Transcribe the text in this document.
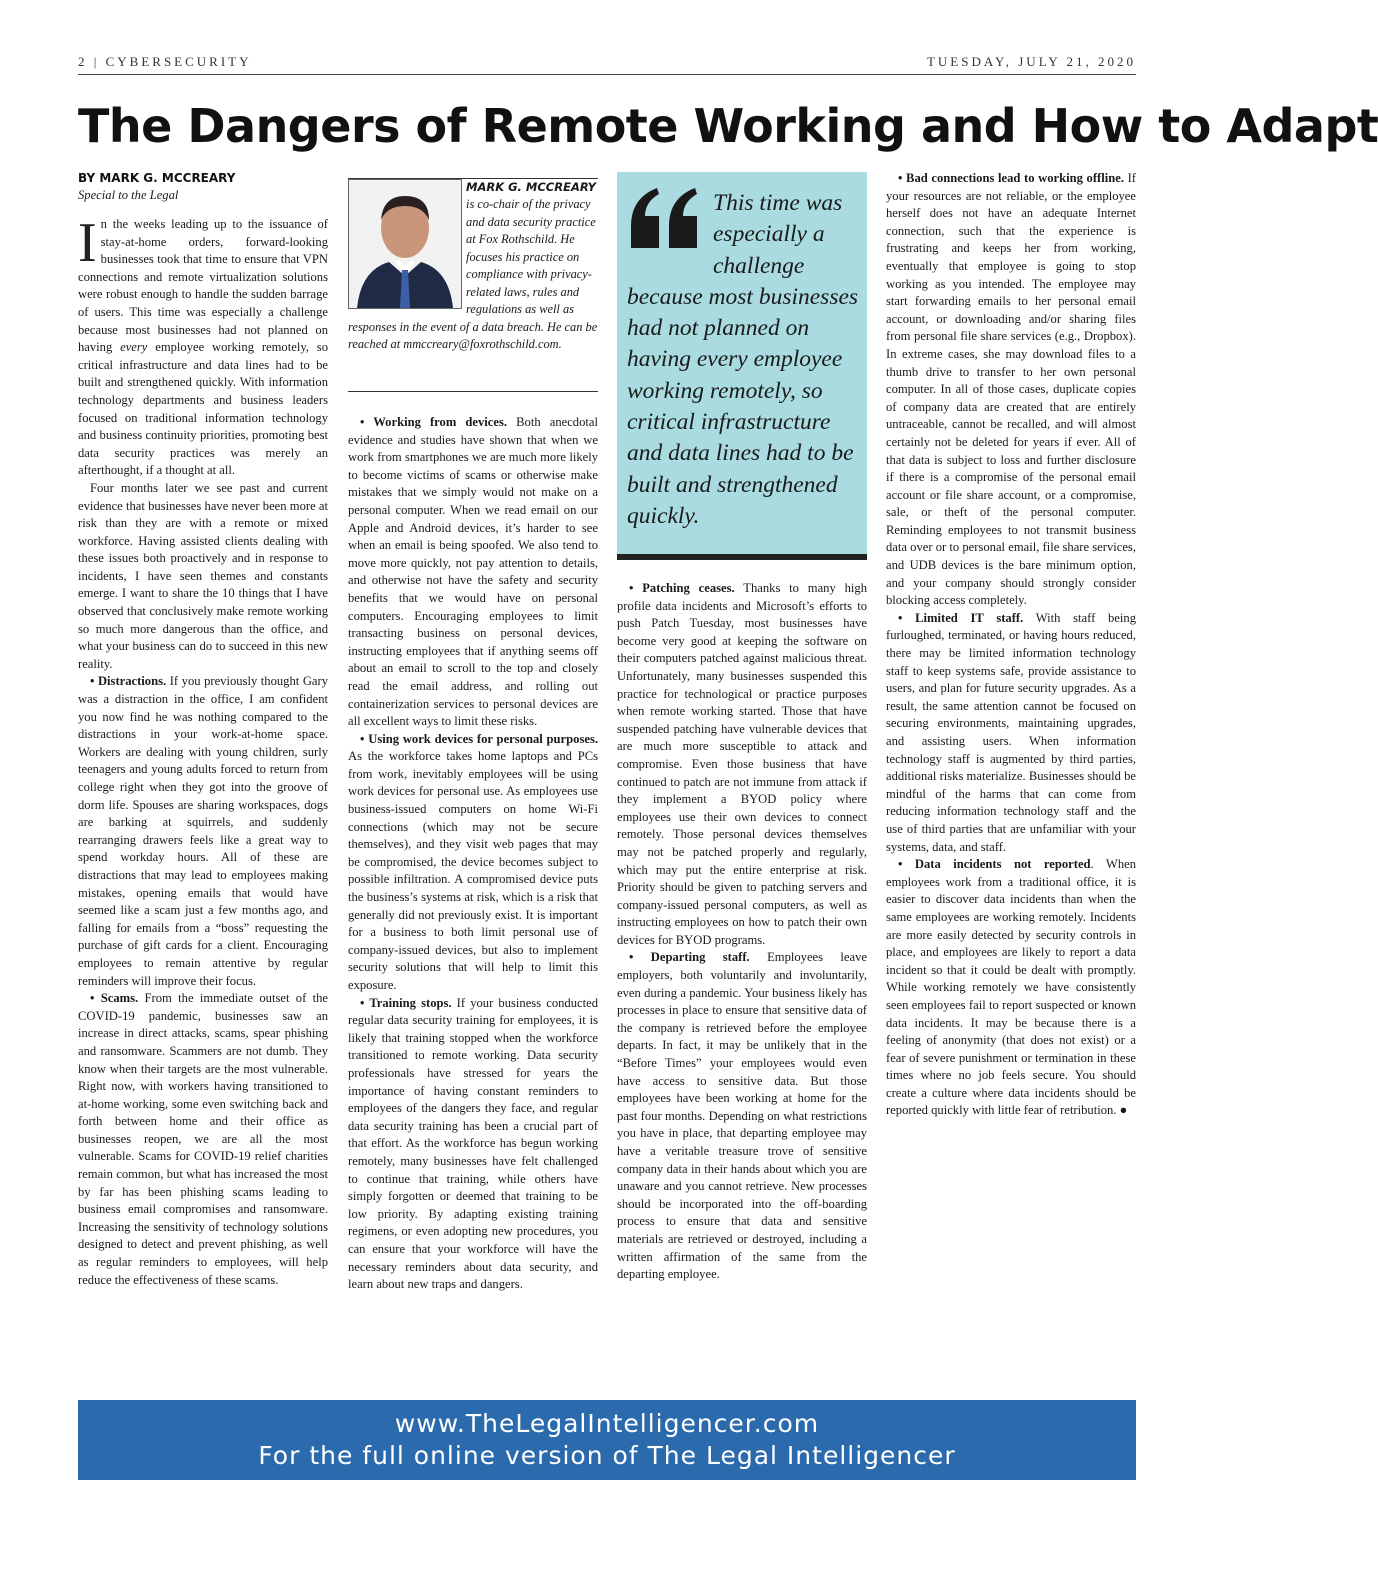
2 | CYBERSECURITY	TUESDAY, JULY 21, 2020
The Dangers of Remote Working and How to Adapt
BY MARK G. MCCREARY
Special to the Legal

In the weeks leading up to the issuance of stay-at-home orders, forward-looking businesses took that time to ensure that VPN connections and remote virtualization solutions were robust enough to handle the sudden barrage of users. This time was especially a challenge because most businesses had not planned on having every employee working remotely, so critical infrastructure and data lines had to be built and strengthened quickly. With information technology departments and business leaders focused on traditional information technology and business continuity priorities, promoting best data security practices was merely an afterthought, if a thought at all.

Four months later we see past and current evidence that businesses have never been more at risk than they are with a remote or mixed workforce. Having assisted clients dealing with these issues both proactively and in response to incidents, I have seen themes and constants emerge. I want to share the 10 things that I have observed that conclusively make remote working so much more dangerous than the office, and what your business can do to succeed in this new reality.

• Distractions. If you previously thought Gary was a distraction in the office, I am confident you now find he was nothing compared to the distractions in your work-at-home space. Workers are dealing with young children, surly teenagers and young adults forced to return from college right when they got into the groove of dorm life. Spouses are sharing workspaces, dogs are barking at squirrels, and suddenly rearranging drawers feels like a great way to spend workday hours. All of these are distractions that may lead to employees making mistakes, opening emails that would have seemed like a scam just a few months ago, and falling for emails from a “boss” requesting the purchase of gift cards for a client. Encouraging employees to remain attentive by regular reminders will improve their focus.

• Scams. From the immediate outset of the COVID-19 pandemic, businesses saw an increase in direct attacks, scams, spear phishing and ransomware. Scammers are not dumb. They know when their targets are the most vulnerable. Right now, with workers having transitioned to at-home working, some even switching back and forth between home and their office as businesses reopen, we are all the most vulnerable. Scams for COVID-19 relief charities remain common, but what has increased the most by far has been phishing scams leading to business email compromises and ransomware. Increasing the sensitivity of technology solutions designed to detect and prevent phishing, as well as regular reminders to employees, will help reduce the effectiveness of these scams.

MARK G. MCCREARY
is co-chair of the privacy and data security practice at Fox Rothschild. He focuses his practice on compliance with privacy-related laws, rules and regulations as well as responses in the event of a data breach. He can be reached at mmccreary@foxrothschild.com.

• Working from devices. Both anecdotal evidence and studies have shown that when we work from smartphones we are much more likely to become victims of scams or otherwise make mistakes that we simply would not make on a personal computer. When we read email on our Apple and Android devices, it’s harder to see when an email is being spoofed. We also tend to move more quickly, not pay attention to details, and otherwise not have the safety and security benefits that we would have on personal computers. Encouraging employees to limit transacting business on personal devices, instructing employees that if anything seems off about an email to scroll to the top and closely read the email address, and rolling out containerization services to personal devices are all excellent ways to limit these risks.

• Using work devices for personal purposes. As the workforce takes home laptops and PCs from work, inevitably employees will be using work devices for personal use. As employees use business-issued computers on home Wi-Fi connections (which may not be secure themselves), and they visit web pages that may be compromised, the device becomes subject to possible infiltration. A compromised device puts the business’s systems at risk, which is a risk that generally did not previously exist. It is important for a business to both limit personal use of company-issued devices, but also to implement security solutions that will help to limit this exposure.

• Training stops. If your business conducted regular data security training for employees, it is likely that training stopped when the workforce transitioned to remote working. Data security professionals have stressed for years the importance of having constant reminders to employees of the dangers they face, and regular data security training has been a crucial part of that effort. As the workforce has begun working remotely, many businesses have felt challenged to continue that training, while others have simply forgotten or deemed that training to be low priority. By adapting existing training regimens, or even adopting new procedures, you can ensure that your workforce will have the necessary reminders about data security, and learn about new traps and dangers.

This time was especially a challenge because most businesses had not planned on having every employee working remotely, so critical infrastructure and data lines had to be built and strengthened quickly.

• Patching ceases. Thanks to many high profile data incidents and Microsoft’s efforts to push Patch Tuesday, most businesses have become very good at keeping the software on their computers patched against malicious threat. Unfortunately, many businesses suspended this practice for technological or practice purposes when remote working started. Those that have suspended patching have vulnerable devices that are much more susceptible to attack and compromise. Even those business that have continued to patch are not immune from attack if they implement a BYOD policy where employees use their own devices to connect remotely. Those personal devices themselves may not be patched properly and regularly, which may put the entire enterprise at risk. Priority should be given to patching servers and company-issued personal computers, as well as instructing employees on how to patch their own devices for BYOD programs.

• Departing staff. Employees leave employers, both voluntarily and involuntarily, even during a pandemic. Your business likely has processes in place to ensure that sensitive data of the company is retrieved before the employee departs. In fact, it may be unlikely that in the “Before Times” your employees would even have access to sensitive data. But those employees have been working at home for the past four months. Depending on what restrictions you have in place, that departing employee may have a veritable treasure trove of sensitive company data in their hands about which you are unaware and you cannot retrieve. New processes should be incorporated into the off-boarding process to ensure that data and sensitive materials are retrieved or destroyed, including a written affirmation of the same from the departing employee.

• Bad connections lead to working offline. If your resources are not reliable, or the employee herself does not have an adequate Internet connection, such that the experience is frustrating and keeps her from working, eventually that employee is going to stop working as you intended. The employee may start forwarding emails to her personal email account, or downloading and/or sharing files from personal file share services (e.g., Dropbox). In extreme cases, she may download files to a thumb drive to transfer to her own personal computer. In all of those cases, duplicate copies of company data are created that are entirely untraceable, cannot be recalled, and will almost certainly not be deleted for years if ever. All of that data is subject to loss and further disclosure if there is a compromise of the personal email account or file share account, or a compromise, sale, or theft of the personal computer. Reminding employees to not transmit business data over or to personal email, file share services, and UDB devices is the bare minimum option, and your company should strongly consider blocking access completely.

• Limited IT staff. With staff being furloughed, terminated, or having hours reduced, there may be limited information technology staff to keep systems safe, provide assistance to users, and plan for future security upgrades. As a result, the same attention cannot be focused on securing environments, maintaining upgrades, and assisting users. When information technology staff is augmented by third parties, additional risks materialize. Businesses should be mindful of the harms that can come from reducing information technology staff and the use of third parties that are unfamiliar with your systems, data, and staff.

• Data incidents not reported. When employees work from a traditional office, it is easier to discover data incidents than when the same employees are working remotely. Incidents are more easily detected by security controls in place, and employees are likely to report a data incident so that it could be dealt with promptly. While working remotely we have consistently seen employees fail to report suspected or known data incidents. It may be because there is a feeling of anonymity (that does not exist) or a fear of severe punishment or termination in these times where no job feels secure. You should create a culture where data incidents should be reported quickly with little fear of retribution. ●

www.TheLegalIntelligencer.com
For the full online version of The Legal Intelligencer
